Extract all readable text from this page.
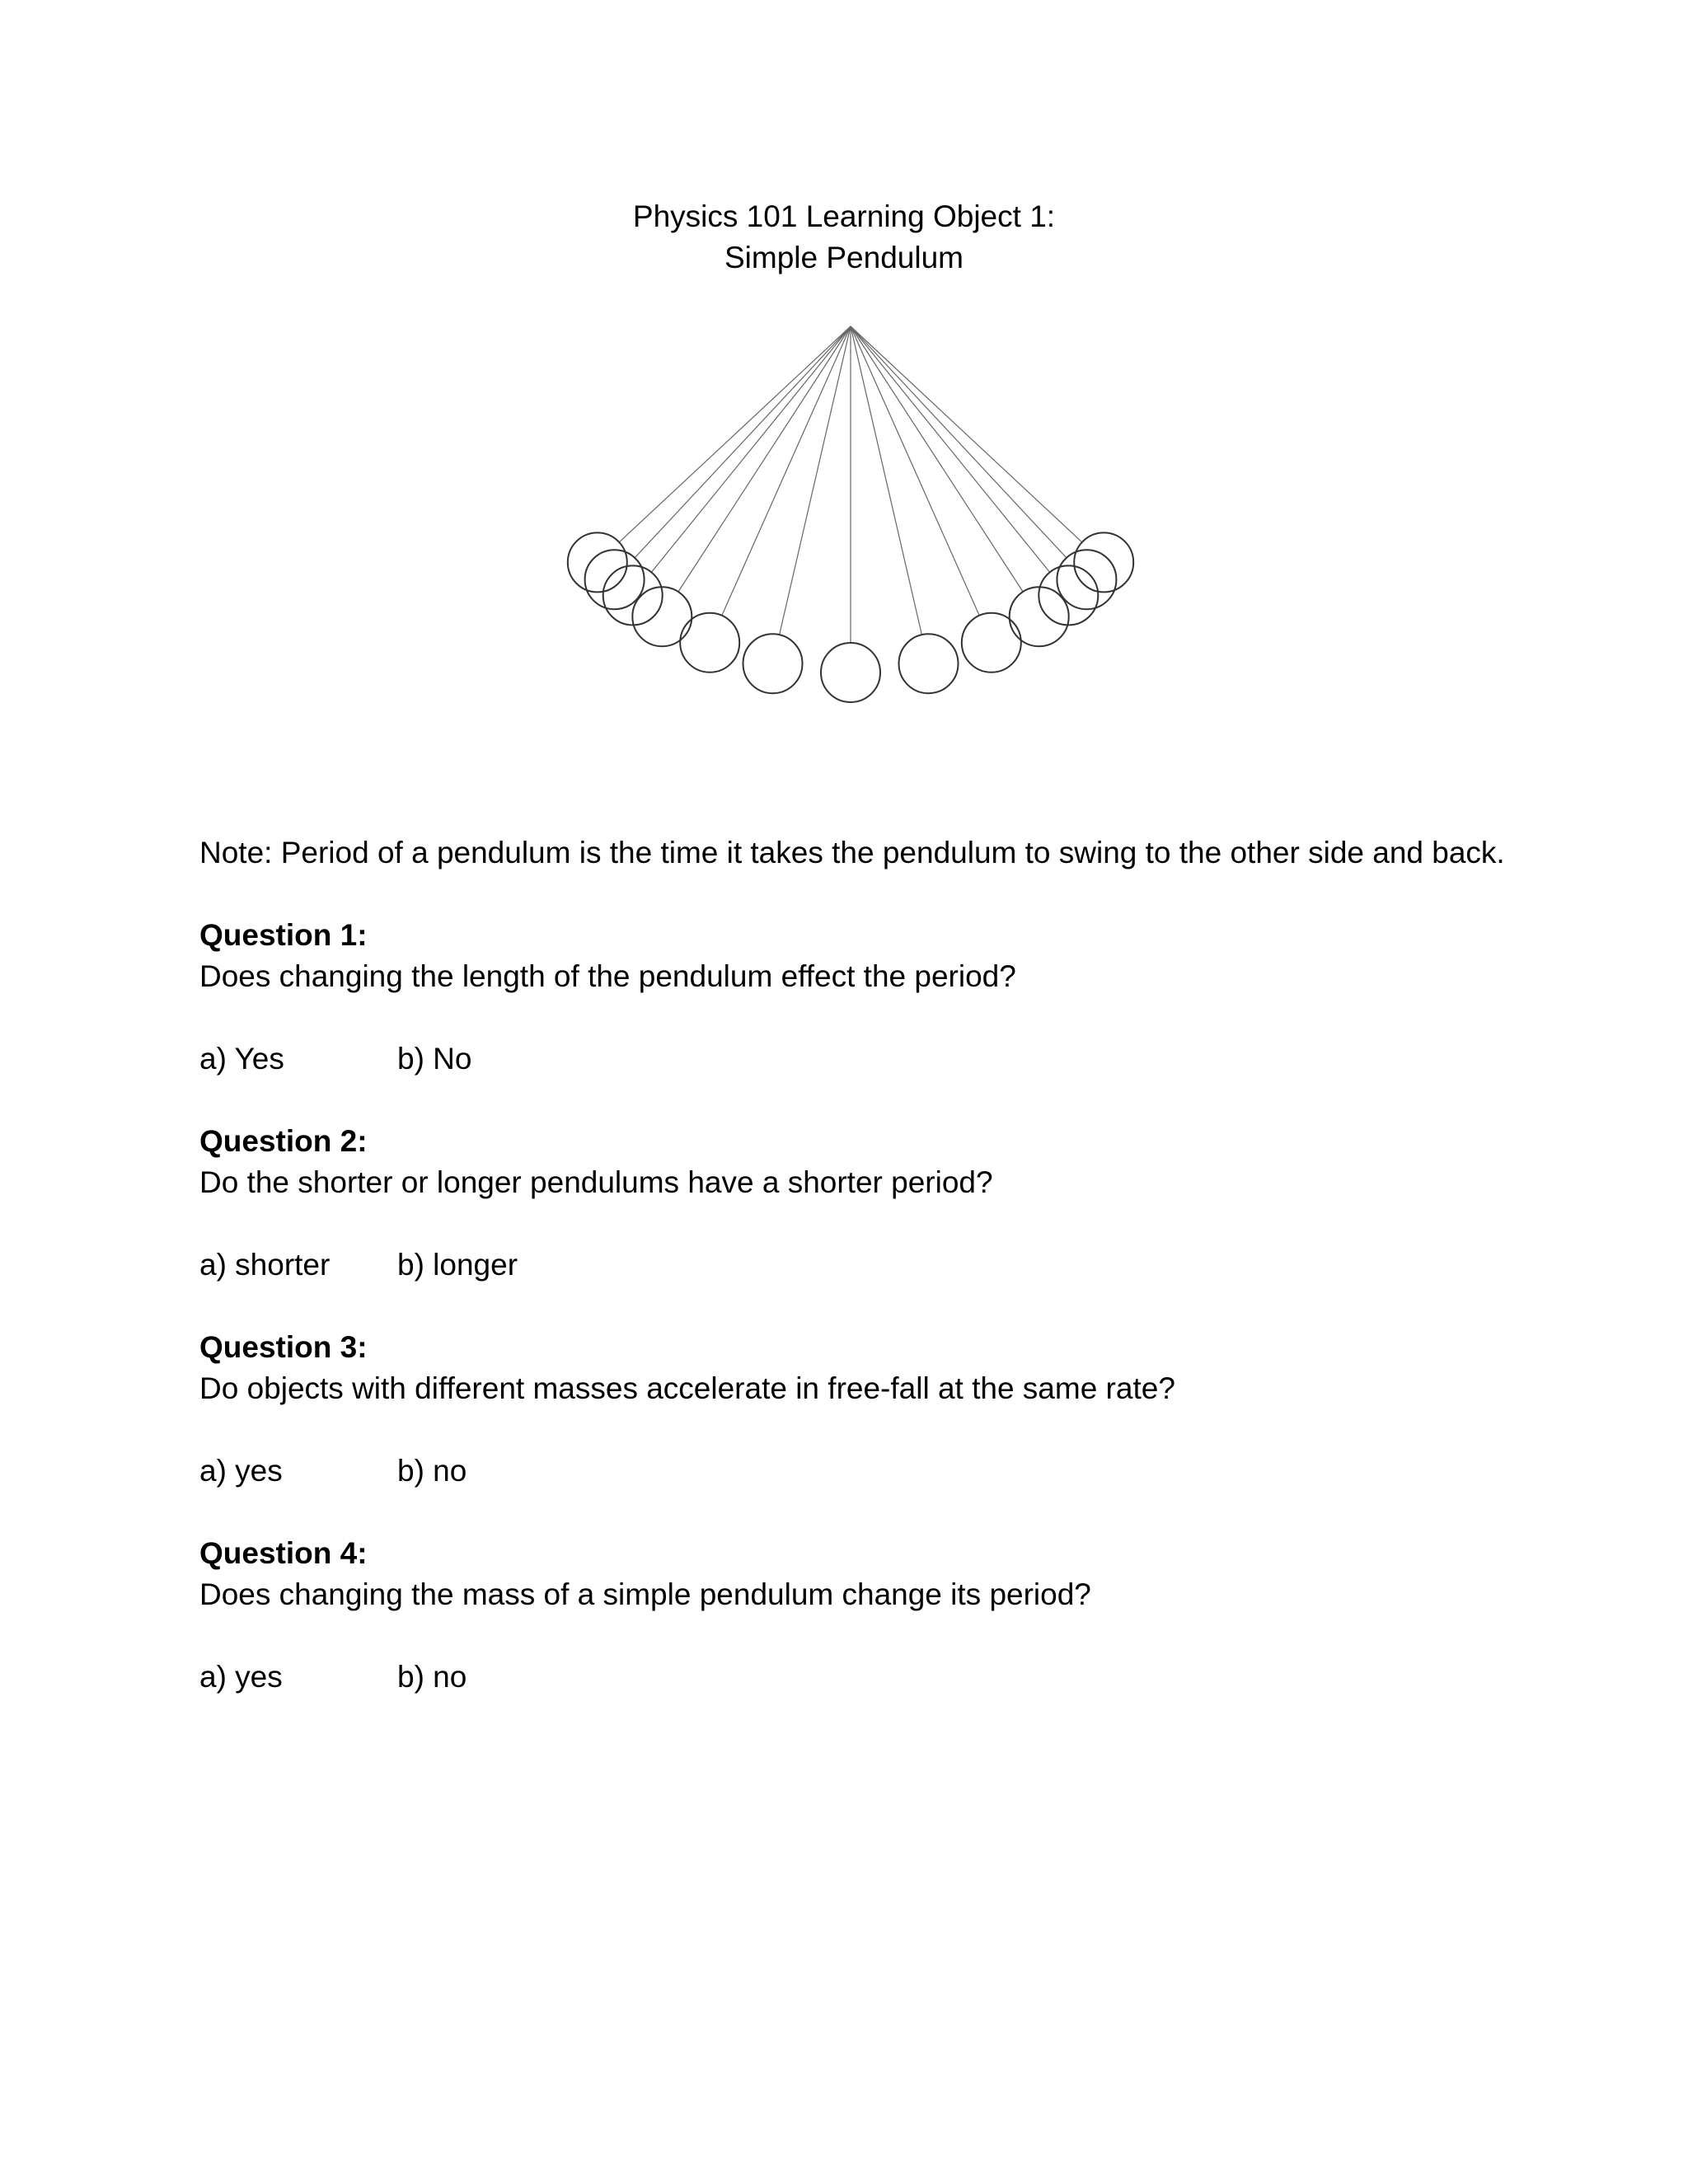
Physics 101 Learning Object 1:
Simple Pendulum

Note: Period of a pendulum is the time it takes the pendulum to swing to the other side and back.

Question 1:
Does changing the length of the pendulum effect the period?
a) Yes	b) No
Question 2:
Do the shorter or longer pendulums have a shorter period?
a) shorter b) longer
Question 3:
Do objects with different masses accelerate in free-fall at the same rate?
a) yes	b) no
Question 4:
Does changing the mass of a simple pendulum change its period?
a) yes	b) no
